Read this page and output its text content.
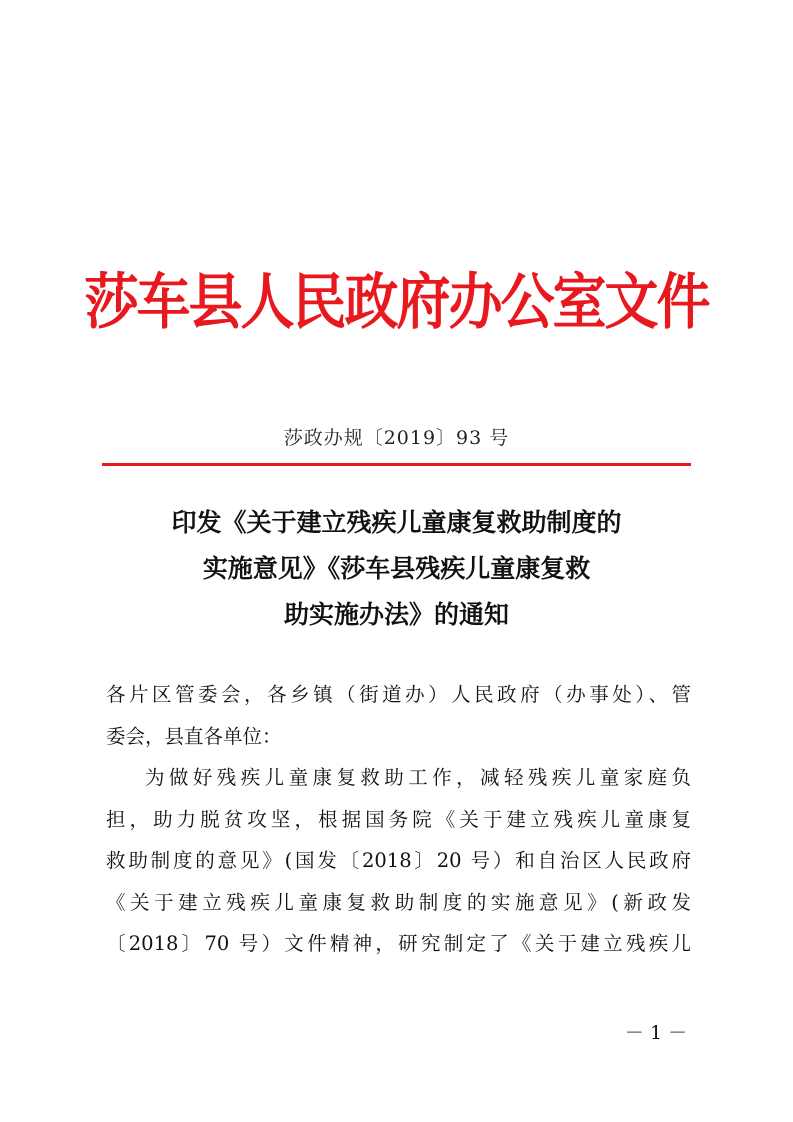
莎车县人民政府办公室文件
莎政办规〔2019〕93 号
印发《关于建立残疾儿童康复救助制度的
实施意见》《莎车县残疾儿童康复救
助实施办法》的通知
各片区管委会，各乡镇（街道办）人民政府（办事处）、管
委会，县直各单位：
为做好残疾儿童康复救助工作，减轻残疾儿童家庭负
担，助力脱贫攻坚，根据国务院《关于建立残疾儿童康复
救助制度的意见》(国发〔2018〕20 号）和自治区人民政府
《关于建立残疾儿童康复救助制度的实施意见》(新政发
〔2018〕70 号）文件精神，研究制定了《关于建立残疾儿
－ 1 －
